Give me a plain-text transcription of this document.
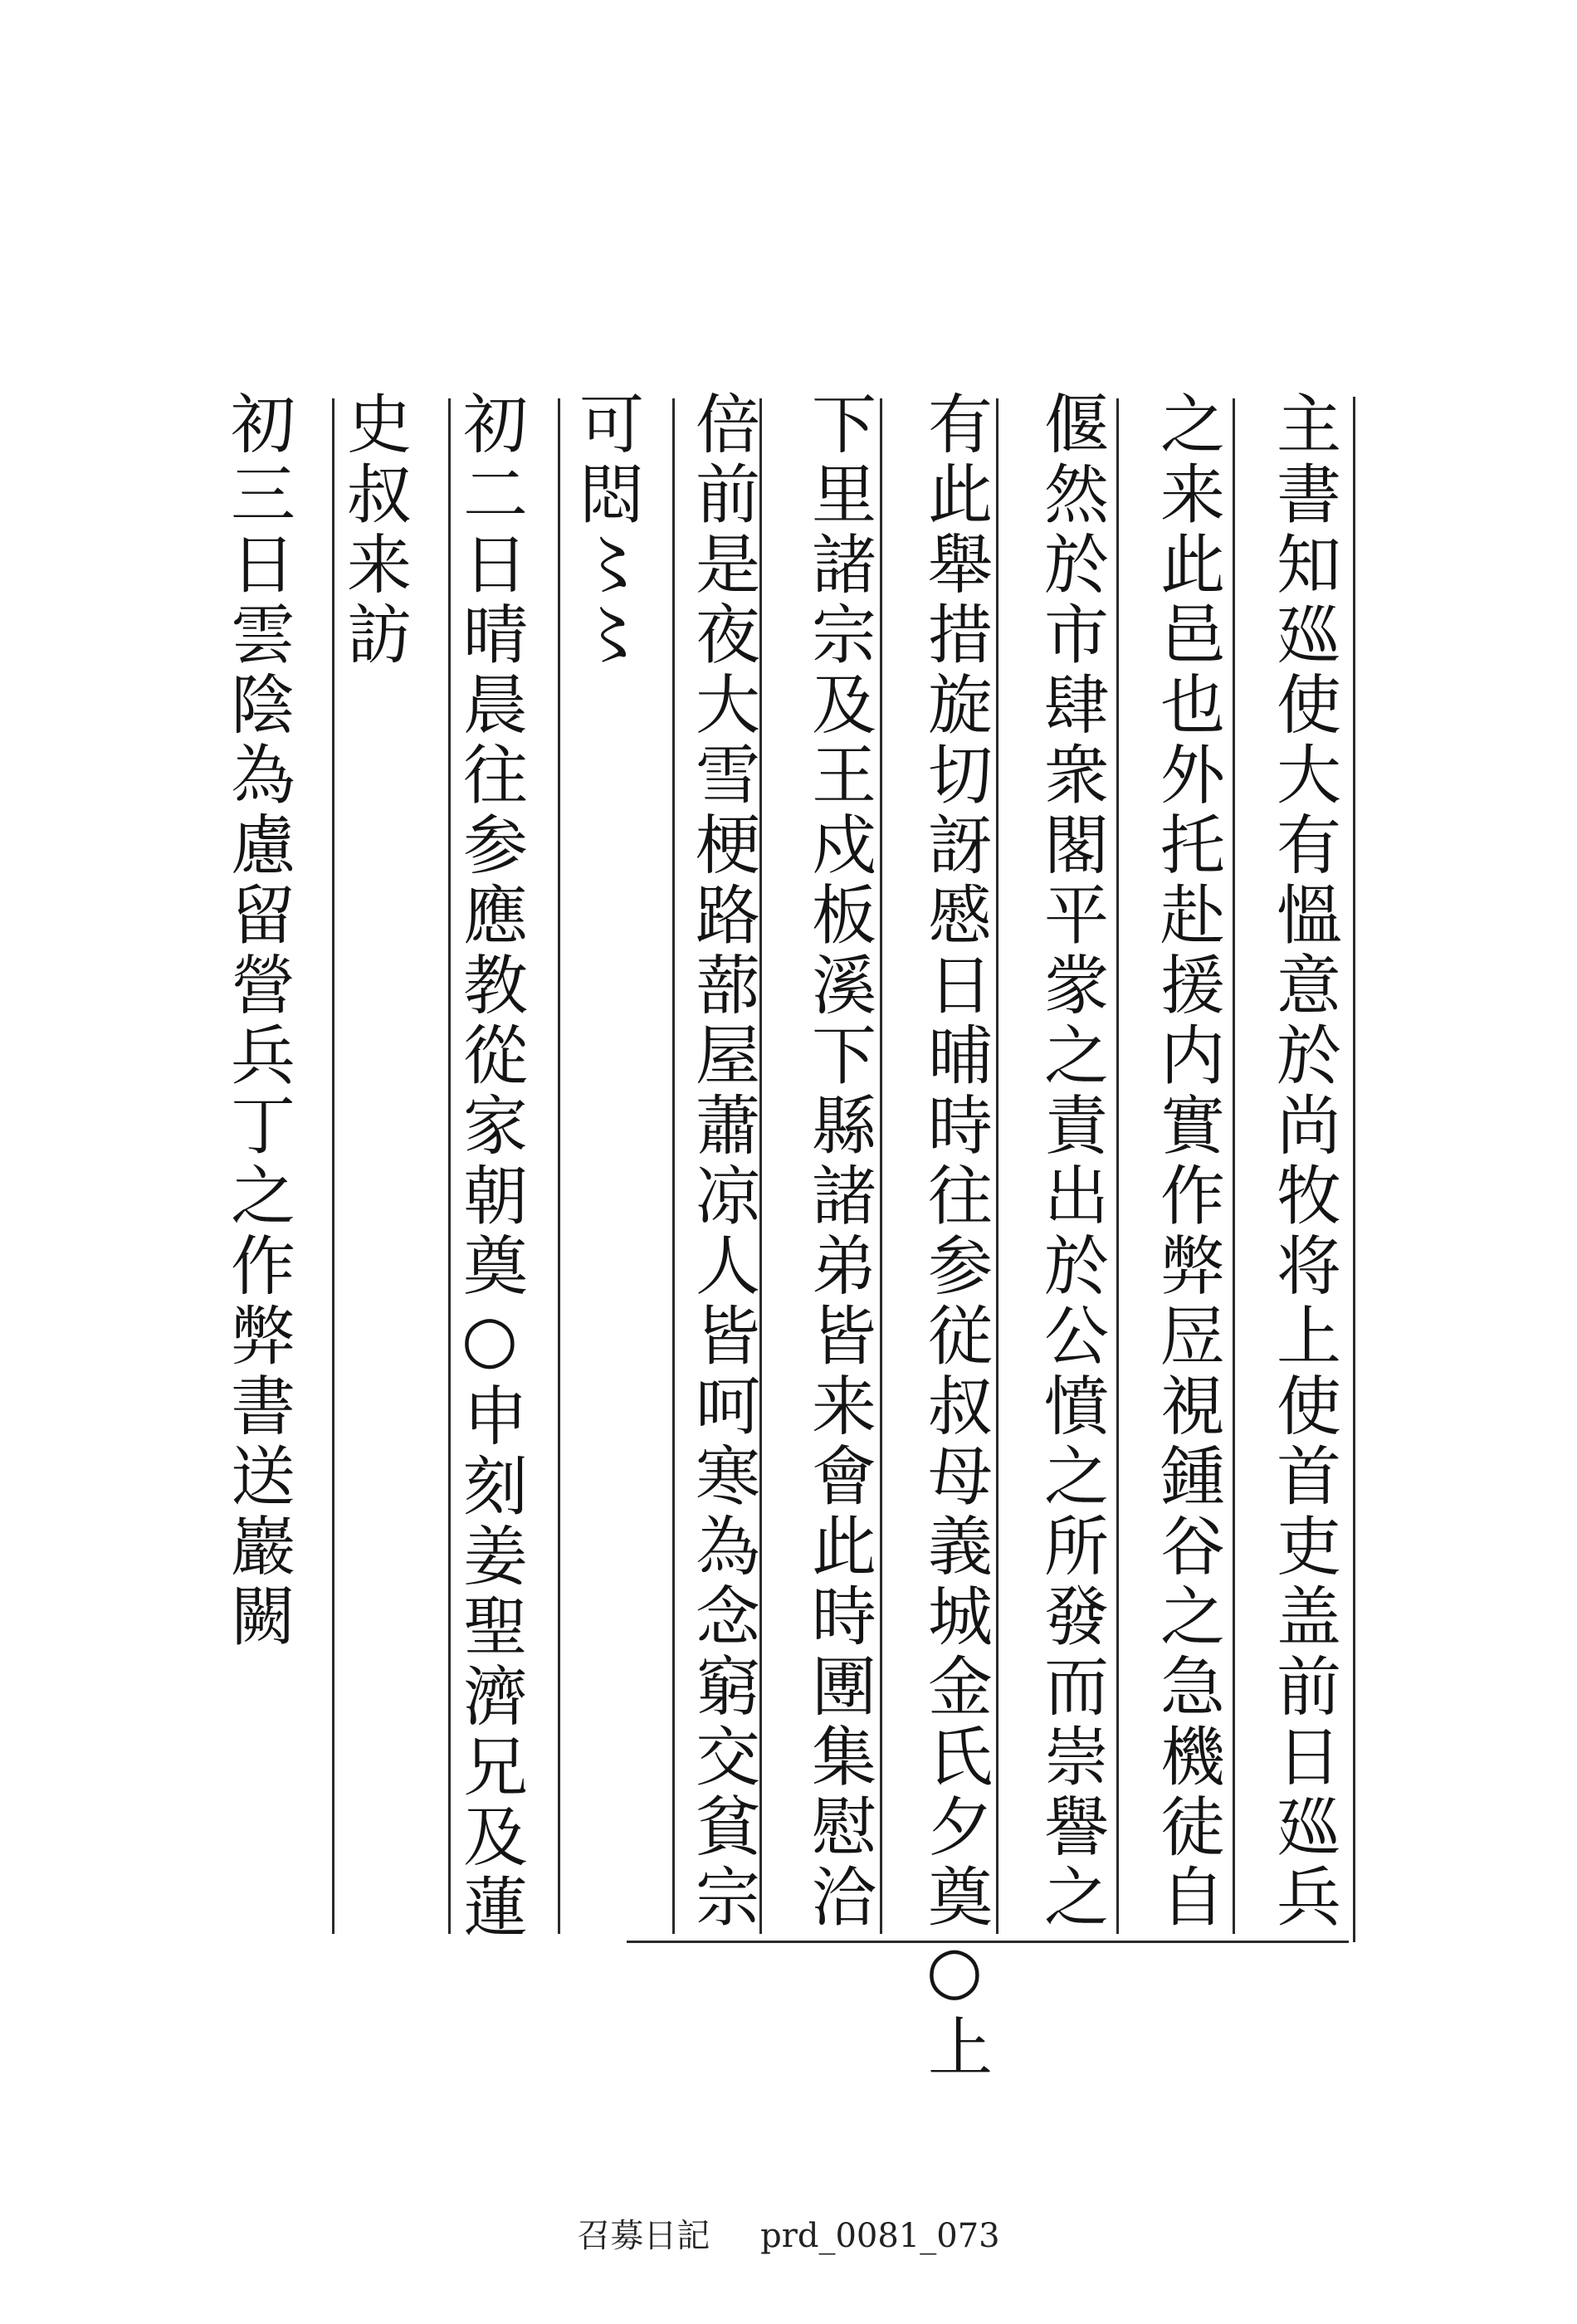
主書知廵使大有慍意於尚牧将上使首吏盖前日廵兵
之来此邑也外托赴援内實作弊㞐視鍾谷之急機徒自
偃然於市肆衆閣平䝉之責出於公憤之所發而崇譽之
有此舉措旋切訝慼日晡時往参従叔母義城金氏夕奠○上
下里諸宗及王戍板溪下縣諸弟皆来會此時圑集慰洽
倍前是夜大雪梗路蔀屋蕭凉人皆呵寒為念窮交貧宗
可悶〻〻
初二日晴晨往参應教從家朝奠○申刻姜聖濟兄及蓮
史叔来訪
初三日雲陰為慮留營兵丁之作弊書送巖闕
召募日記 prd_0081_073
